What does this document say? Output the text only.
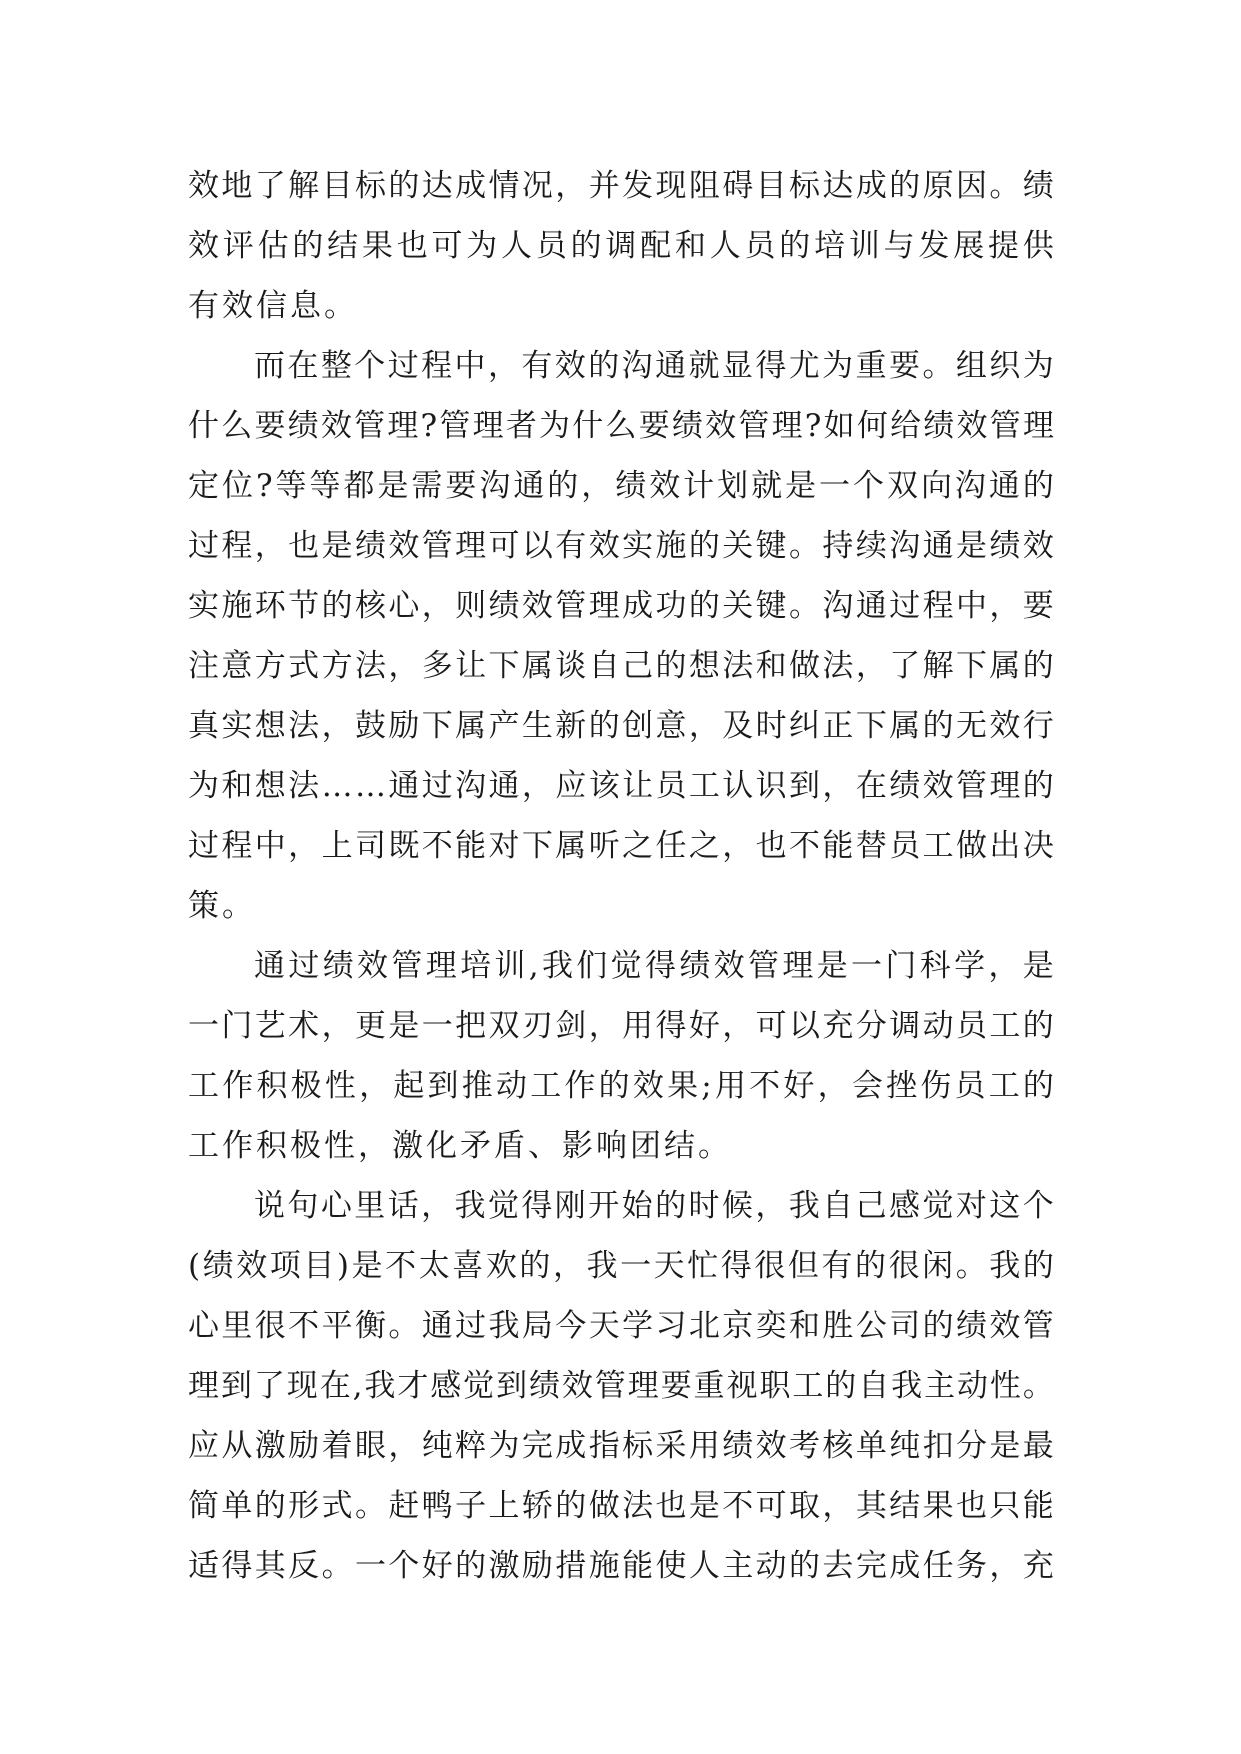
效 地 了 解 目 标 的 达 成 情 况 ， 并 发 现 阻 碍 目 标 达 成 的 原 因 。 绩
效 评 估 的 结 果 也 可 为 人 员 的 调 配 和 人 员 的 培 训 与 发 展 提 供
有效信息。
而 在 整 个 过 程 中 ， 有 效 的 沟 通 就 显 得 尤 为 重 要 。 组 织 为
什 么 要 绩 效 管 理 ? 管 理 者 为 什 么 要 绩 效 管 理 ? 如 何 给 绩 效 管 理
定 位 ? 等 等 都 是 需 要 沟 通 的 ， 绩 效 计 划 就 是 一 个 双 向 沟 通 的
过 程 ， 也 是 绩 效 管 理 可 以 有 效 实 施 的 关 键 。 持 续 沟 通 是 绩 效
实 施 环 节 的 核 心 ， 则 绩 效 管 理 成 功 的 关 键 。 沟 通 过 程 中 ， 要
注 意 方 式 方 法 ， 多 让 下 属 谈 自 己 的 想 法 和 做 法 ， 了 解 下 属 的
真 实 想 法 ， 鼓 励 下 属 产 生 新 的 创 意 ， 及 时 纠 正 下 属 的 无 效 行
为 和 想 法 … … 通 过 沟 通 ， 应 该 让 员 工 认 识 到 ， 在 绩 效 管 理 的
过 程 中 ， 上 司 既 不 能 对 下 属 听 之 任 之 ， 也 不 能 替 员 工 做 出 决
策。
通 过 绩 效 管 理 培 训 , 我 们 觉 得 绩 效 管 理 是 一 门 科 学 ， 是
一 门 艺 术 ， 更 是 一 把 双 刃 剑 ， 用 得 好 ， 可 以 充 分 调 动 员 工 的
工 作 积 极 性 ， 起 到 推 动 工 作 的 效 果 ; 用 不 好 ， 会 挫 伤 员 工 的
工作积极性，激化矛盾、影响团结。
说 句 心 里 话 ， 我 觉 得 刚 开 始 的 时 候 ， 我 自 己 感 觉 对 这 个
( 绩 效 项 目 ) 是 不 太 喜 欢 的 ， 我 一 天 忙 得 很 但 有 的 很 闲 。 我 的
心 里 很 不 平 衡 。 通 过 我 局 今 天 学 习 北 京 奕 和 胜 公 司 的 绩 效 管
理 到 了 现 在 , 我 才 感 觉 到 绩 效 管 理 要 重 视 职 工 的 自 我 主 动 性 。
应 从 激 励 着 眼 ， 纯 粹 为 完 成 指 标 采 用 绩 效 考 核 单 纯 扣 分 是 最
简 单 的 形 式 。 赶 鸭 子 上 轿 的 做 法 也 是 不 可 取 ， 其 结 果 也 只 能
适 得 其 反 。 一 个 好 的 激 励 措 施 能 使 人 主 动 的 去 完 成 任 务 ， 充
